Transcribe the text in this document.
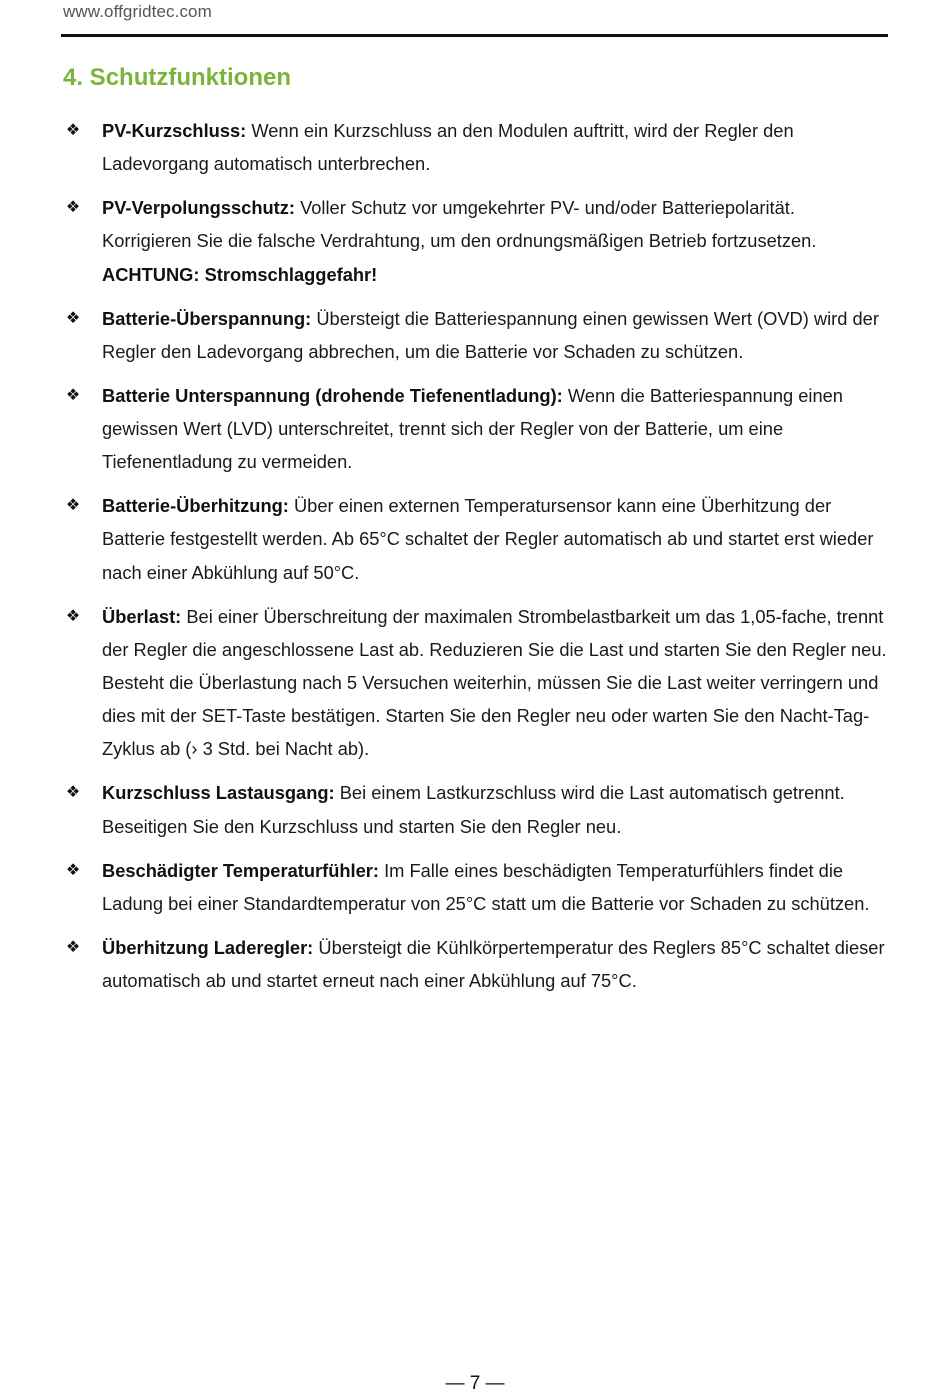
www.offgridtec.com
4. Schutzfunktionen
❖ PV-Kurzschluss: Wenn ein Kurzschluss an den Modulen auftritt, wird der Regler den Ladevorgang automatisch unterbrechen.
❖ PV-Verpolungsschutz: Voller Schutz vor umgekehrter PV- und/oder Batteriepolarität. Korrigieren Sie die falsche Verdrahtung, um den ordnungsmäßigen Betrieb fortzusetzen.
ACHTUNG: Stromschlaggefahr!
❖ Batterie-Überspannung: Übersteigt die Batteriespannung einen gewissen Wert (OVD) wird der Regler den Ladevorgang abbrechen, um die Batterie vor Schaden zu schützen.
❖ Batterie Unterspannung (drohende Tiefenentladung): Wenn die Batteriespannung einen gewissen Wert (LVD) unterschreitet, trennt sich der Regler von der Batterie, um eine Tiefenentladung zu vermeiden.
❖ Batterie-Überhitzung: Über einen externen Temperatursensor kann eine Überhitzung der Batterie festgestellt werden. Ab 65°C schaltet der Regler automatisch ab und startet erst wieder nach einer Abkühlung auf 50°C.
❖ Überlast: Bei einer Überschreitung der maximalen Strombelastbarkeit um das 1,05-fache, trennt der Regler die angeschlossene Last ab. Reduzieren Sie die Last und starten Sie den Regler neu. Besteht die Überlastung nach 5 Versuchen weiterhin, müssen Sie die Last weiter verringern und dies mit der SET-Taste bestätigen. Starten Sie den Regler neu oder warten Sie den Nacht-Tag-Zyklus ab (› 3 Std. bei Nacht ab).
❖ Kurzschluss Lastausgang: Bei einem Lastkurzschluss wird die Last automatisch getrennt. Beseitigen Sie den Kurzschluss und starten Sie den Regler neu.
❖ Beschädigter Temperaturfühler: Im Falle eines beschädigten Temperaturfühlers findet die Ladung bei einer Standardtemperatur von 25°C statt um die Batterie vor Schaden zu schützen.
❖ Überhitzung Laderegler: Übersteigt die Kühlkörpertemperatur des Reglers 85°C schaltet dieser automatisch ab und startet erneut nach einer Abkühlung auf 75°C.
— 7 —
